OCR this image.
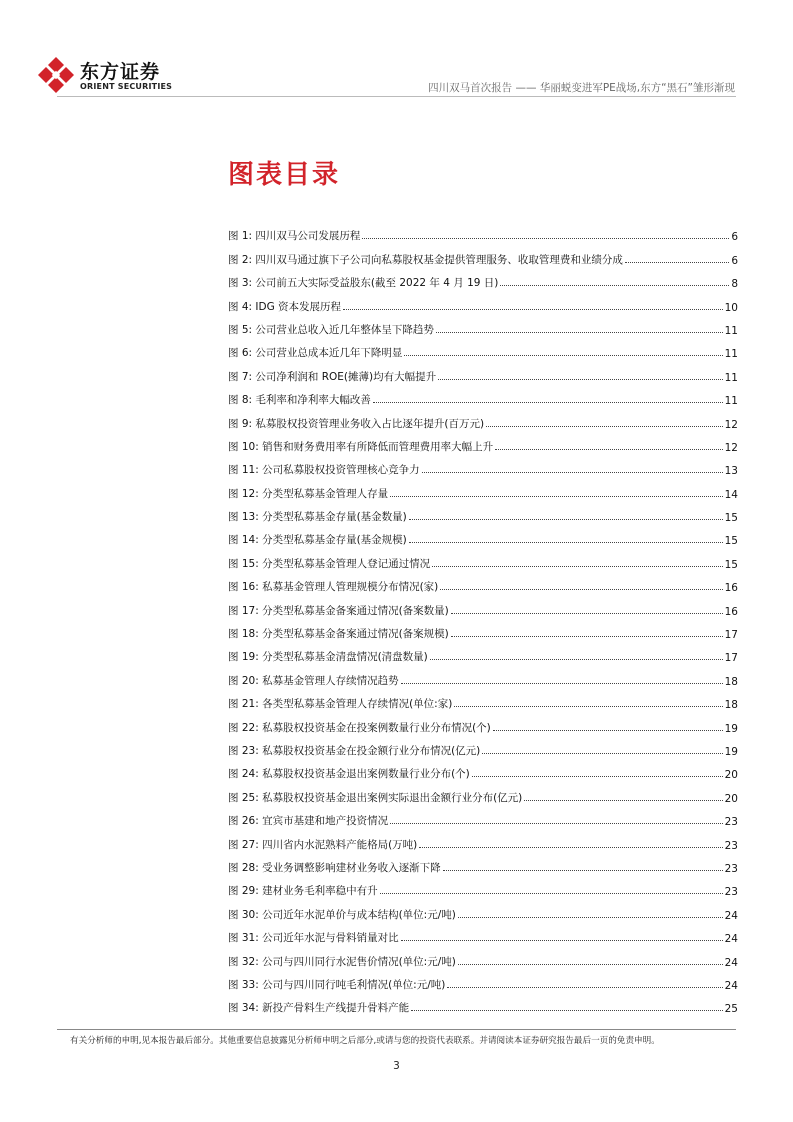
东方证券
ORIENT SECURITIES	四川双马首次报告 —— 华丽蜕变进军PE战场,东方“黑石”雏形渐现
图表目录
图 1: 四川双马公司发展历程	6
图 2: 四川双马通过旗下子公司向私募股权基金提供管理服务、收取管理费和业绩分成	6
图 3: 公司前五大实际受益股东(截至 2022 年 4 月 19 日)	8
图 4: IDG 资本发展历程	10
图 5: 公司营业总收入近几年整体呈下降趋势	11
图 6: 公司营业总成本近几年下降明显	11
图 7: 公司净利润和 ROE(摊薄)均有大幅提升	11
图 8: 毛利率和净利率大幅改善	11
图 9: 私募股权投资管理业务收入占比逐年提升(百万元)	12
图 10: 销售和财务费用率有所降低而管理费用率大幅上升	12
图 11: 公司私募股权投资管理核心竞争力	13
图 12: 分类型私募基金管理人存量	14
图 13: 分类型私募基金存量(基金数量)	15
图 14: 分类型私募基金存量(基金规模)	15
图 15: 分类型私募基金管理人登记通过情况	15
图 16: 私募基金管理人管理规模分布情况(家)	16
图 17: 分类型私募基金备案通过情况(备案数量)	16
图 18: 分类型私募基金备案通过情况(备案规模)	17
图 19: 分类型私募基金清盘情况(清盘数量)	17
图 20: 私募基金管理人存续情况趋势	18
图 21: 各类型私募基金管理人存续情况(单位:家)	18
图 22: 私募股权投资基金在投案例数量行业分布情况(个)	19
图 23: 私募股权投资基金在投金额行业分布情况(亿元)	19
图 24: 私募股权投资基金退出案例数量行业分布(个)	20
图 25: 私募股权投资基金退出案例实际退出金额行业分布(亿元)	20
图 26: 宜宾市基建和地产投资情况	23
图 27: 四川省内水泥熟料产能格局(万吨)	23
图 28: 受业务调整影响建材业务收入逐渐下降	23
图 29: 建材业务毛利率稳中有升	23
图 30: 公司近年水泥单价与成本结构(单位:元/吨)	24
图 31: 公司近年水泥与骨料销量对比	24
图 32: 公司与四川同行水泥售价情况(单位:元/吨)	24
图 33: 公司与四川同行吨毛利情况(单位:元/吨)	24
图 34: 新投产骨料生产线提升骨料产能	25
有关分析师的申明,见本报告最后部分。其他重要信息披露见分析师申明之后部分,或请与您的投资代表联系。并请阅读本证券研究报告最后一页的免责申明。
3
